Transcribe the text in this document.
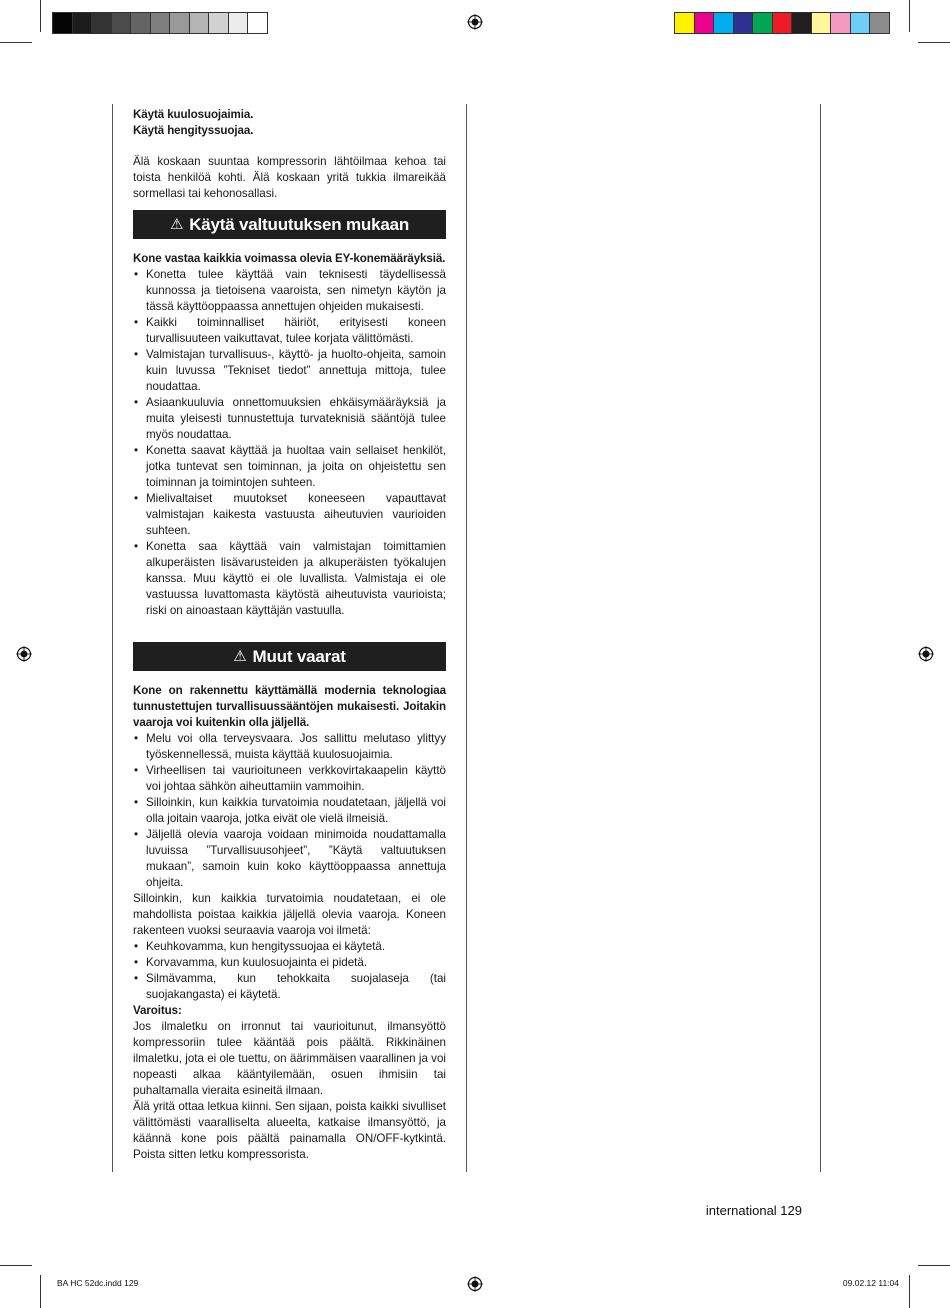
Käytä kuulosuojaimia.

Käytä hengityssuojaa.

Älä koskaan suuntaa kompressorin lähtöilmaa kehoa tai toista henkilöä kohti. Älä koskaan yritä tukkia ilmareikää sormellasi tai kehonosallasi.

⚠ Käytä valtuutuksen mukaan

Kone vastaa kaikkia voimassa olevia EY-konemääräyksiä.

• Konetta tulee käyttää vain teknisesti täydellisessä kunnossa ja tietoisena vaaroista, sen nimetyn käytön ja tässä käyttöoppaassa annettujen ohjeiden mukaisesti.
• Kaikki toiminnalliset häiriöt, erityisesti koneen turvallisuuteen vaikuttavat, tulee korjata välittömästi.
• Valmistajan turvallisuus-, käyttö- ja huolto-ohjeita, samoin kuin luvussa ”Tekniset tiedot” annettuja mittoja, tulee noudattaa.
• Asiaankuuluvia onnettomuuksien ehkäisymääräyksiä ja muita yleisesti tunnustettuja turvateknisiä sääntöjä tulee myös noudattaa.
• Konetta saavat käyttää ja huoltaa vain sellaiset henkilöt, jotka tuntevat sen toiminnan, ja joita on ohjeistettu sen toiminnan ja toimintojen suhteen.
• Mielivaltaiset muutokset koneeseen vapauttavat valmistajan kaikesta vastuusta aiheutuvien vaurioiden suhteen.
• Konetta saa käyttää vain valmistajan toimittamien alkuperäisten lisävarusteiden ja alkuperäisten työkalujen kanssa. Muu käyttö ei ole luvallista. Valmistaja ei ole vastuussa luvattomasta käytöstä aiheutuvista vaurioista; riski on ainoastaan käyttäjän vastuulla.
⚠ Muut vaarat

Kone on rakennettu käyttämällä modernia teknologiaa tunnustettujen turvallisuussääntöjen mukaisesti. Joitakin vaaroja voi kuitenkin olla jäljellä.

• Melu voi olla terveysvaara. Jos sallittu melutaso ylittyy työskennellessä, muista käyttää kuulosuojaimia.
• Virheellisen tai vaurioituneen verkkovirtakaapelin käyttö voi johtaa sähkön aiheuttamiin vammoihin.
• Silloinkin, kun kaikkia turvatoimia noudatetaan, jäljellä voi olla joitain vaaroja, jotka eivät ole vielä ilmeisiä.
• Jäljellä olevia vaaroja voidaan minimoida noudattamalla luvuissa ”Turvallisuusohjeet”, ”Käytä valtuutuksen mukaan”, samoin kuin koko käyttöoppaassa annettuja ohjeita.

Silloinkin, kun kaikkia turvatoimia noudatetaan, ei ole mahdollista poistaa kaikkia jäljellä olevia vaaroja. Koneen rakenteen vuoksi seuraavia vaaroja voi ilmetä:

• Keuhkovamma, kun hengityssuojaa ei käytetä.
• Korvavamma, kun kuulosuojainta ei pidetä.
• Silmävamma, kun tehokkaita suojalaseja (tai suojakangasta) ei käytetä.

Varoitus:

Jos ilmaletku on irronnut tai vaurioitunut, ilmansyöttö kompressoriin tulee kääntää pois päältä. Rikkinäinen ilmaletku, jota ei ole tuettu, on äärimmäisen vaarallinen ja voi nopeasti alkaa kääntyilemään, osuen ihmisiin tai puhaltamalla vieraita esineitä ilmaan.

Älä yritä ottaa letkua kiinni. Sen sijaan, poista kaikki sivulliset välittömästi vaaralliselta alueelta, katkaise ilmansyöttö, ja käännä kone pois päältä painamalla ON/OFF-kytkintä. Poista sitten letku kompressorista.

international 129
BA HC 52dc.indd 129	09.02.12 11:04
